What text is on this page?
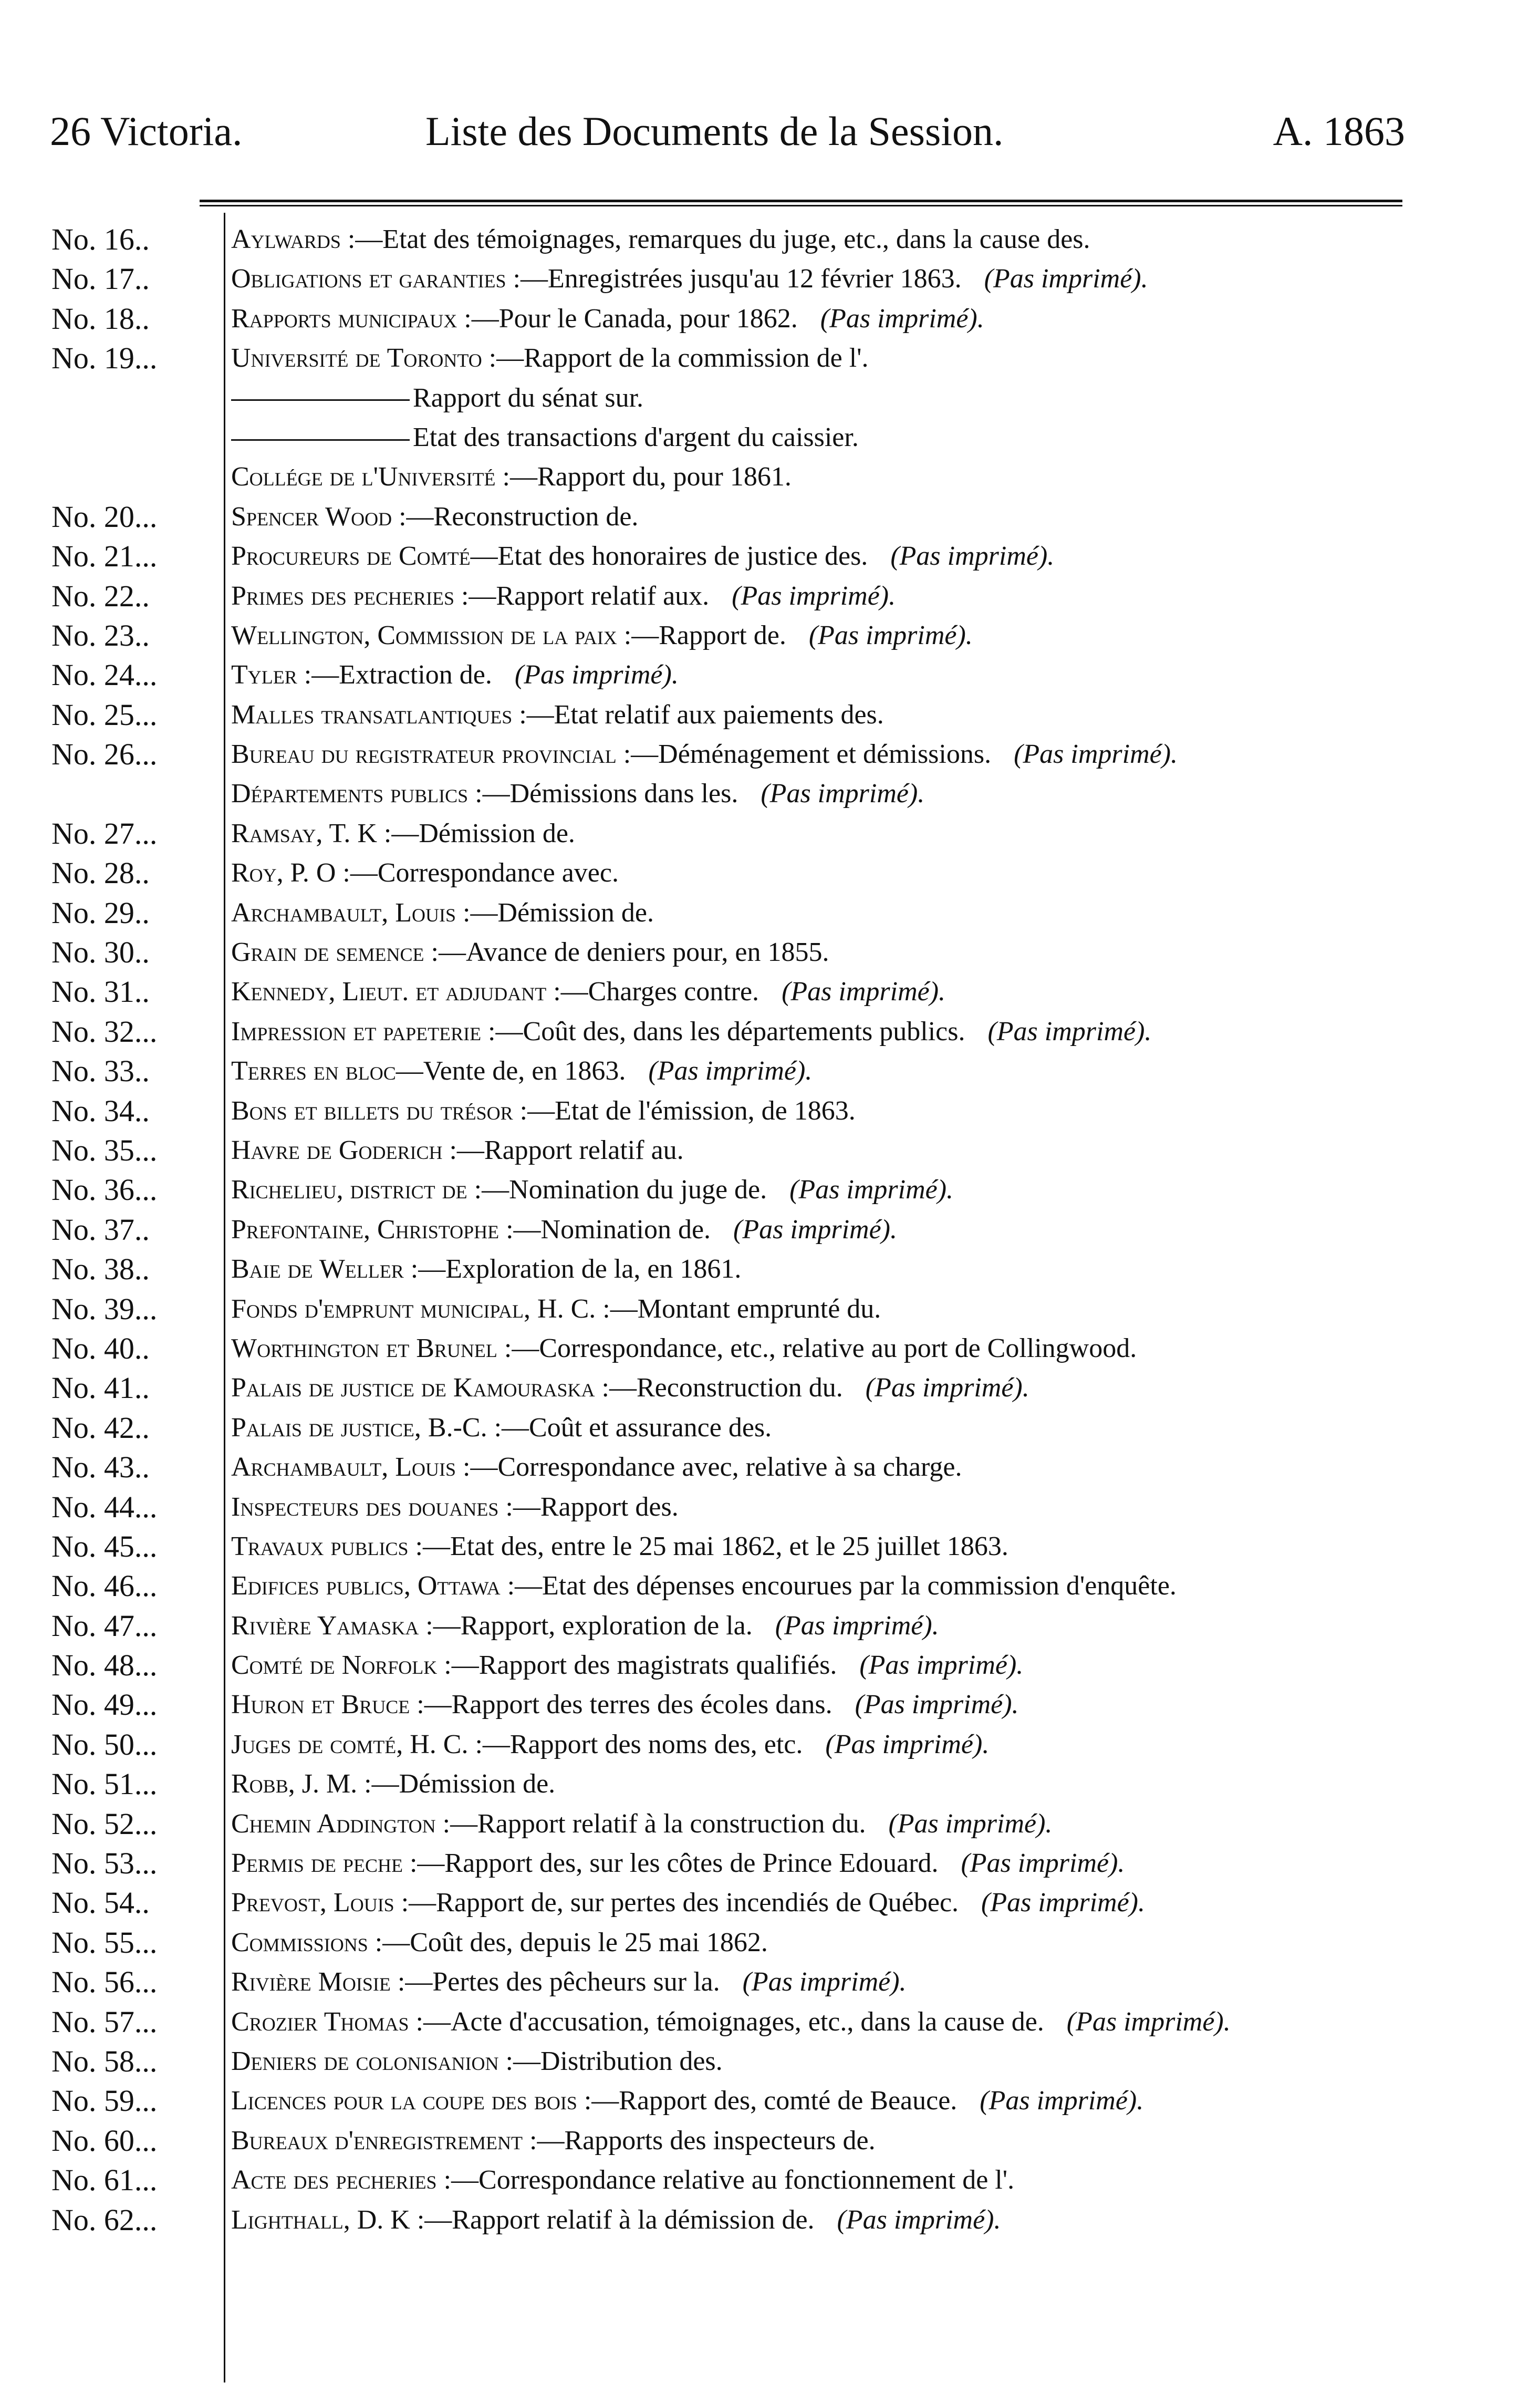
26 Victoria.	Liste des Documents de la Session.	A. 1863
No. 16..	Aylwards :—Etat des témoignages, remarques du juge, etc., dans la cause des.
No. 17..	Obligations et garanties :—Enregistrées jusqu'au 12 février 1863. (Pas imprimé).
No. 18..	Rapports municipaux :—Pour le Canada, pour 1862. (Pas imprimé).
No. 19...	Université de Toronto :—Rapport de la commission de l'.
Rapport du sénat sur.
Etat des transactions d'argent du caissier.
Collége de l'Université :—Rapport du, pour 1861.
No. 20...	Spencer Wood :—Reconstruction de.
No. 21...	Procureurs de Comté—Etat des honoraires de justice des. (Pas imprimé).
No. 22..	Primes des pecheries :—Rapport relatif aux. (Pas imprimé).
No. 23..	Wellington, Commission de la paix :—Rapport de. (Pas imprimé).
No. 24...	Tyler :—Extraction de. (Pas imprimé).
No. 25...	Malles transatlantiques :—Etat relatif aux paiements des.
No. 26...	Bureau du registrateur provincial :—Déménagement et démissions. (Pas imprimé).
Départements publics :—Démissions dans les. (Pas imprimé).
No. 27...	Ramsay, T. K :—Démission de.
No. 28..	Roy, P. O :—Correspondance avec.
No. 29..	Archambault, Louis :—Démission de.
No. 30..	Grain de semence :—Avance de deniers pour, en 1855.
No. 31..	Kennedy, Lieut. et adjudant :—Charges contre. (Pas imprimé).
No. 32...	Impression et papeterie :—Coût des, dans les départements publics. (Pas imprimé).
No. 33..	Terres en bloc—Vente de, en 1863. (Pas imprimé).
No. 34..	Bons et billets du trésor :—Etat de l'émission, de 1863.
No. 35...	Havre de Goderich :—Rapport relatif au.
No. 36...	Richelieu, district de :—Nomination du juge de. (Pas imprimé).
No. 37..	Prefontaine, Christophe :—Nomination de. (Pas imprimé).
No. 38..	Baie de Weller :—Exploration de la, en 1861.
No. 39...	Fonds d'emprunt municipal, H. C. :—Montant emprunté du.
No. 40..	Worthington et Brunel :—Correspondance, etc., relative au port de Collingwood.
No. 41..	Palais de justice de Kamouraska :—Reconstruction du. (Pas imprimé).
No. 42..	Palais de justice, B.-C. :—Coût et assurance des.
No. 43..	Archambault, Louis :—Correspondance avec, relative à sa charge.
No. 44...	Inspecteurs des douanes :—Rapport des.
No. 45...	Travaux publics :—Etat des, entre le 25 mai 1862, et le 25 juillet 1863.
No. 46...	Edifices publics, Ottawa :—Etat des dépenses encourues par la commission d'enquête.
No. 47...	Rivière Yamaska :—Rapport, exploration de la. (Pas imprimé).
No. 48...	Comté de Norfolk :—Rapport des magistrats qualifiés. (Pas imprimé).
No. 49...	Huron et Bruce :—Rapport des terres des écoles dans. (Pas imprimé).
No. 50...	Juges de comté, H. C. :—Rapport des noms des, etc. (Pas imprimé).
No. 51...	Robb, J. M. :—Démission de.
No. 52...	Chemin Addington :—Rapport relatif à la construction du. (Pas imprimé).
No. 53...	Permis de peche :—Rapport des, sur les côtes de Prince Edouard. (Pas imprimé).
No. 54..	Prevost, Louis :—Rapport de, sur pertes des incendiés de Québec. (Pas imprimé).
No. 55...	Commissions :—Coût des, depuis le 25 mai 1862.
No. 56...	Rivière Moisie :—Pertes des pêcheurs sur la. (Pas imprimé).
No. 57...	Crozier Thomas :—Acte d'accusation, témoignages, etc., dans la cause de. (Pas imprimé).
No. 58...	Deniers de colonisanion :—Distribution des.
No. 59...	Licences pour la coupe des bois :—Rapport des, comté de Beauce. (Pas imprimé).
No. 60...	Bureaux d'enregistrement :—Rapports des inspecteurs de.
No. 61...	Acte des pecheries :—Correspondance relative au fonctionnement de l'.
No. 62...	Lighthall, D. K :—Rapport relatif à la démission de. (Pas imprimé).
